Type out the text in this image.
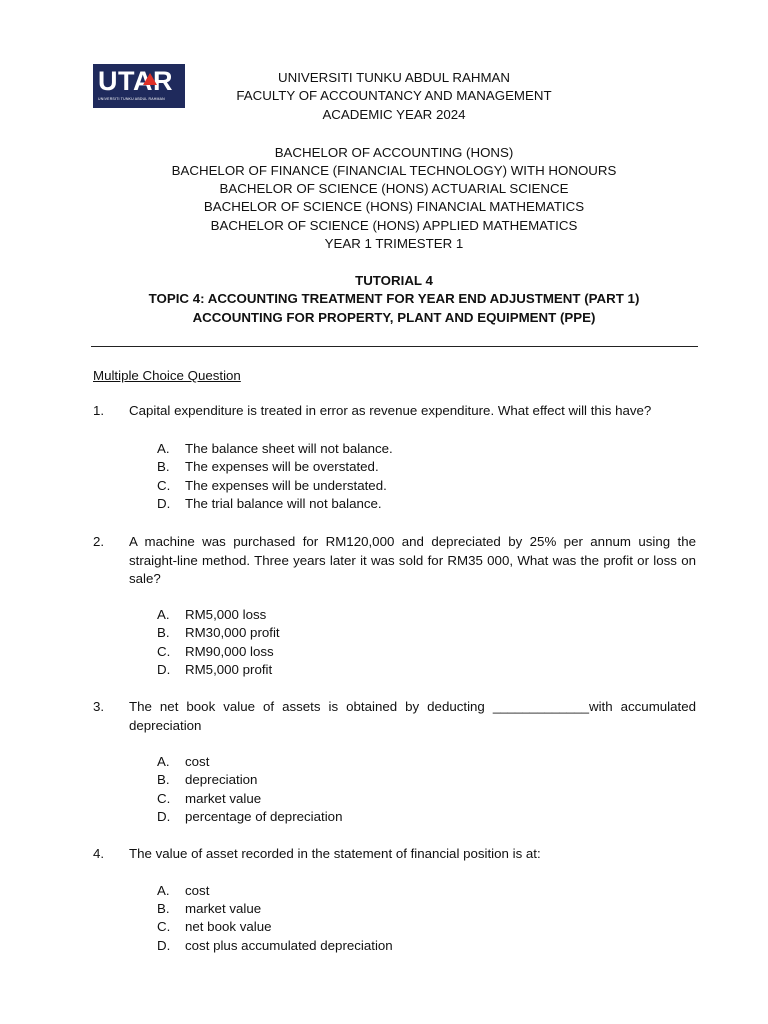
UTAR
UNIVERSITI TUNKU ABDUL RAHMAN
UNIVERSITI TUNKU ABDUL RAHMAN
FACULTY OF ACCOUNTANCY AND MANAGEMENT
ACADEMIC YEAR 2024
BACHELOR OF ACCOUNTING (HONS)
BACHELOR OF FINANCE (FINANCIAL TECHNOLOGY) WITH HONOURS
BACHELOR OF SCIENCE (HONS) ACTUARIAL SCIENCE
BACHELOR OF SCIENCE (HONS) FINANCIAL MATHEMATICS
BACHELOR OF SCIENCE (HONS) APPLIED MATHEMATICS
YEAR 1 TRIMESTER 1
TUTORIAL 4
TOPIC 4: ACCOUNTING TREATMENT FOR YEAR END ADJUSTMENT (PART 1)
ACCOUNTING FOR PROPERTY, PLANT AND EQUIPMENT (PPE)
Multiple Choice Question
1. Capital expenditure is treated in error as revenue expenditure. What effect will this have?
A. The balance sheet will not balance.
B. The expenses will be overstated.
C. The expenses will be understated.
D. The trial balance will not balance.
2. A machine was purchased for RM120,000 and depreciated by 25% per annum using the straight-line method. Three years later it was sold for RM35 000, What was the profit or loss on sale?
A. RM5,000 loss
B. RM30,000 profit
C. RM90,000 loss
D. RM5,000 profit
3. The net book value of assets is obtained by deducting _____________with accumulated depreciation
A. cost
B. depreciation
C. market value
D. percentage of depreciation
4. The value of asset recorded in the statement of financial position is at:
A. cost
B. market value
C. net book value
D. cost plus accumulated depreciation
